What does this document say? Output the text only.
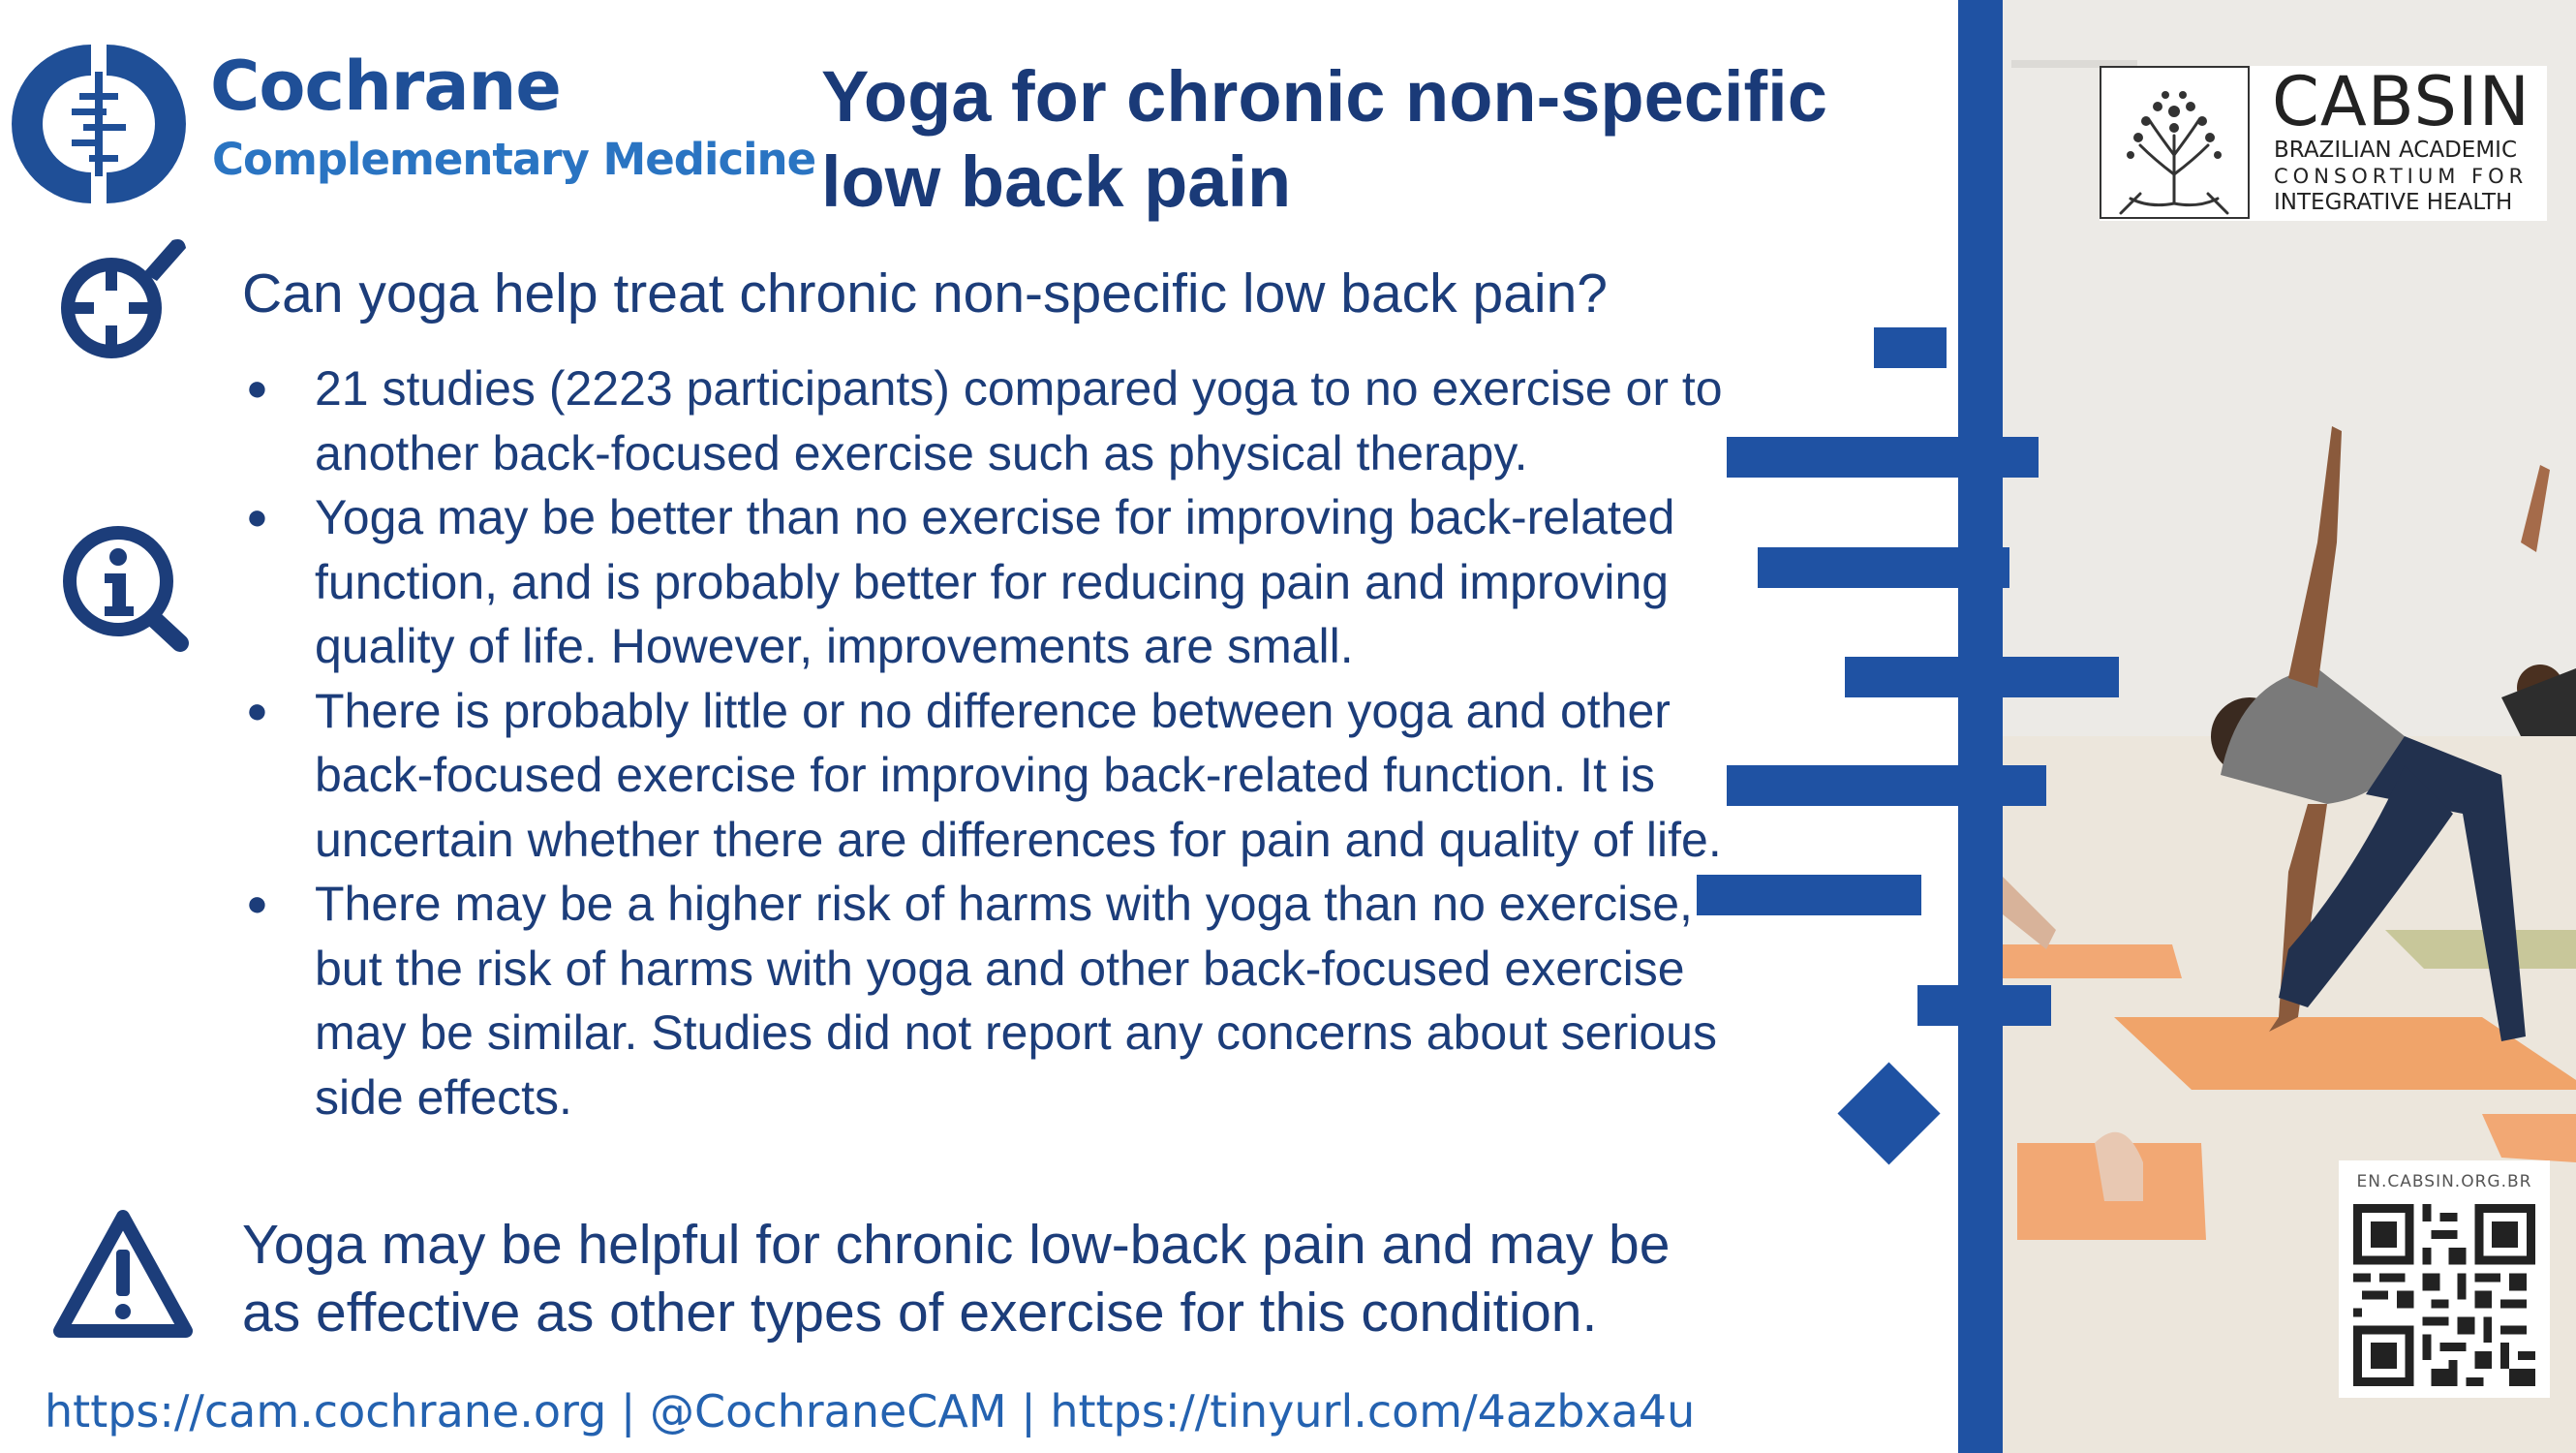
Cochrane
Complementary Medicine
Yoga for chronic non-specific
low back pain
Can yoga help treat chronic non-specific low back pain?
● 21 studies (2223 participants) compared yoga to no exercise or to another back-focused exercise such as physical therapy.
● Yoga may be better than no exercise for improving back-related function, and is probably better for reducing pain and improving quality of life. However, improvements are small.
● There is probably little or no difference between yoga and other back-focused exercise for improving back-related function. It is uncertain whether there are differences for pain and quality of life.
● There may be a higher risk of harms with yoga than no exercise, but the risk of harms with yoga and other back-focused exercise may be similar. Studies did not report any concerns about serious side effects.
Yoga may be helpful for chronic low-back pain and may be as effective as other types of exercise for this condition.
https://cam.cochrane.org | @CochraneCAM | https://tinyurl.com/4azbxa4u
CABSIN
BRAZILIAN ACADEMIC
CONSORTIUM FOR
INTEGRATIVE HEALTH
EN.CABSIN.ORG.BR
